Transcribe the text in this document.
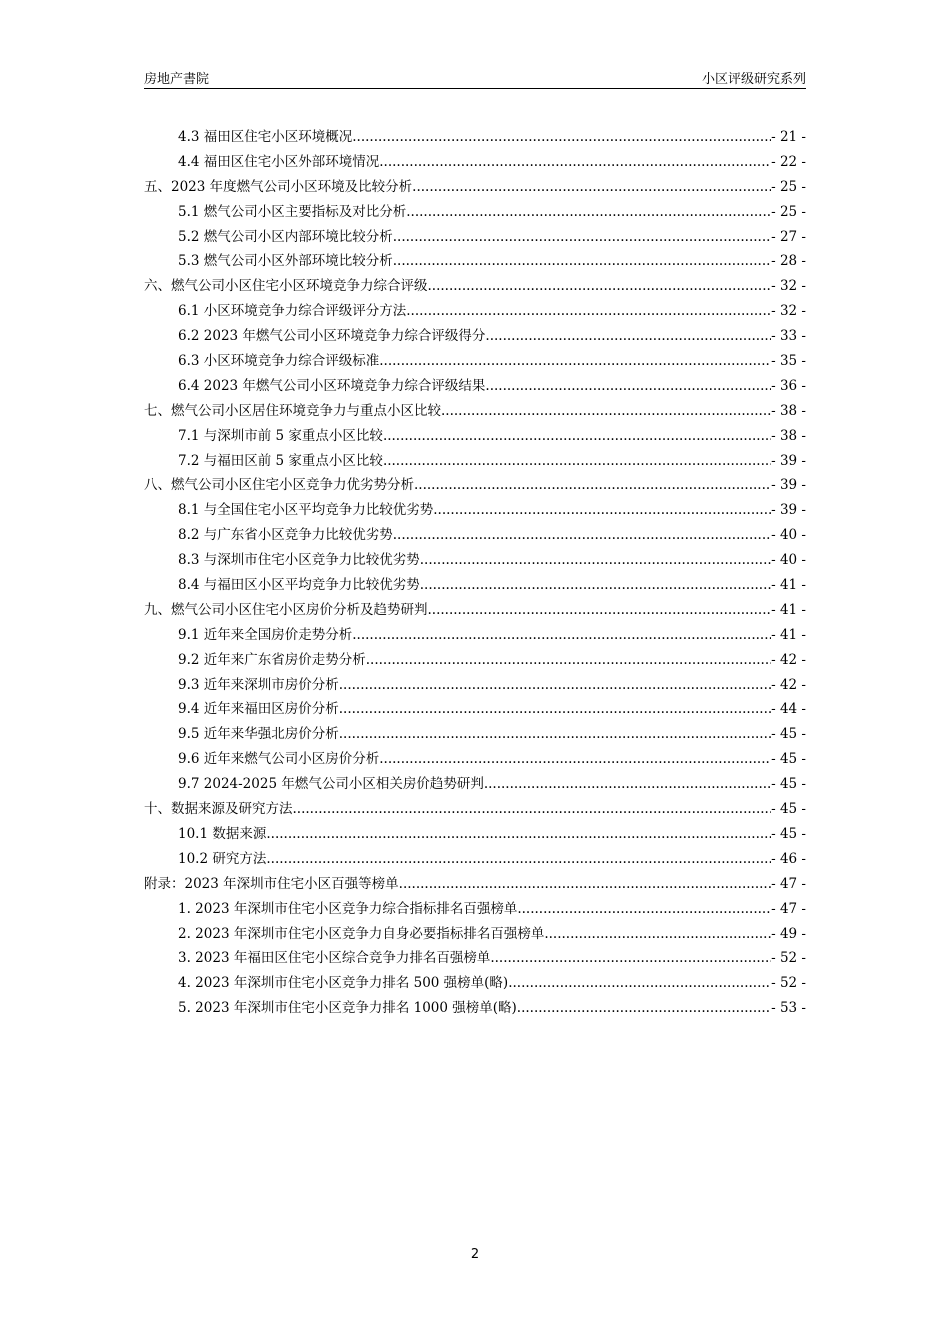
房地产書院	小区评级研究系列
4.3 福田区住宅小区环境概况 .....	- 21 -
4.4 福田区住宅小区外部环境情况 .....	- 22 -
五、2023 年度燃气公司小区环境及比较分析 .....	- 25 -
5.1 燃气公司小区主要指标及对比分析 .....	- 25 -
5.2 燃气公司小区内部环境比较分析 .....	- 27 -
5.3 燃气公司小区外部环境比较分析 .....	- 28 -
六、燃气公司小区住宅小区环境竞争力综合评级 .....	- 32 -
6.1 小区环境竞争力综合评级评分方法 .....	- 32 -
6.2 2023 年燃气公司小区环境竞争力综合评级得分 .....	- 33 -
6.3 小区环境竞争力综合评级标准 .....	- 35 -
6.4 2023 年燃气公司小区环境竞争力综合评级结果 .....	- 36 -
七、燃气公司小区居住环境竞争力与重点小区比较 .....	- 38 -
7.1 与深圳市前 5 家重点小区比较 .....	- 38 -
7.2 与福田区前 5 家重点小区比较 .....	- 39 -
八、燃气公司小区住宅小区竞争力优劣势分析 .....	- 39 -
8.1 与全国住宅小区平均竞争力比较优劣势 .....	- 39 -
8.2 与广东省小区竞争力比较优劣势 .....	- 40 -
8.3 与深圳市住宅小区竞争力比较优劣势 .....	- 40 -
8.4 与福田区小区平均竞争力比较优劣势 .....	- 41 -
九、燃气公司小区住宅小区房价分析及趋势研判 .....	- 41 -
9.1 近年来全国房价走势分析 .....	- 41 -
9.2 近年来广东省房价走势分析 .....	- 42 -
9.3 近年来深圳市房价分析 .....	- 42 -
9.4 近年来福田区房价分析 .....	- 44 -
9.5 近年来华强北房价分析 .....	- 45 -
9.6 近年来燃气公司小区房价分析 .....	- 45 -
9.7 2024-2025 年燃气公司小区相关房价趋势研判 .....	- 45 -
十、数据来源及研究方法 .....	- 45 -
10.1 数据来源 .....	- 45 -
10.2 研究方法 .....	- 46 -
附录：2023 年深圳市住宅小区百强等榜单 .....	- 47 -
1. 2023 年深圳市住宅小区竞争力综合指标排名百强榜单 .....	- 47 -
2. 2023 年深圳市住宅小区竞争力自身必要指标排名百强榜单 .....	- 49 -
3. 2023 年福田区住宅小区综合竞争力排名百强榜单 .....	- 52 -
4. 2023 年深圳市住宅小区竞争力排名 500 强榜单(略) .....	- 52 -
5. 2023 年深圳市住宅小区竞争力排名 1000 强榜单(略) .....	- 53 -
2
